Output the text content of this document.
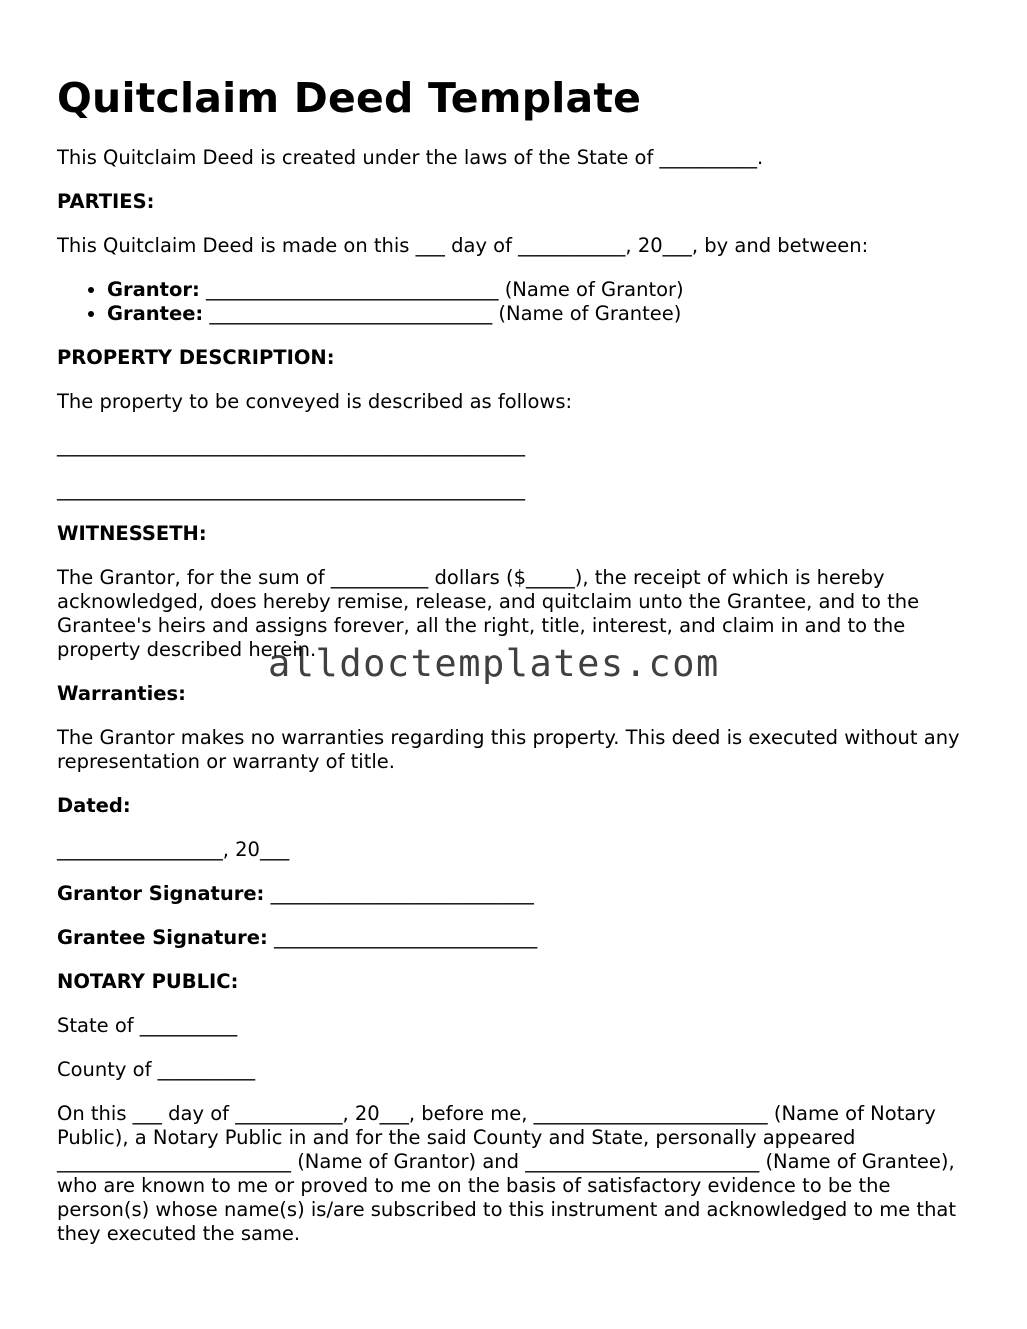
Quitclaim Deed Template

This Quitclaim Deed is created under the laws of the State of __________.

PARTIES:

This Quitclaim Deed is made on this ___ day of ___________, 20___, by and between:

• Grantor: ______________________________ (Name of Grantor)
• Grantee: _____________________________ (Name of Grantee)

PROPERTY DESCRIPTION:

The property to be conveyed is described as follows:

________________________________________________

________________________________________________

WITNESSETH:

The Grantor, for the sum of __________ dollars ($_____), the receipt of which is hereby acknowledged, does hereby remise, release, and quitclaim unto the Grantee, and to the Grantee's heirs and assigns forever, all the right, title, interest, and claim in and to the property described herein.

Warranties:

The Grantor makes no warranties regarding this property. This deed is executed without any representation or warranty of title.

Dated:

_________________, 20___

Grantor Signature: ___________________________

Grantee Signature: ___________________________

NOTARY PUBLIC:

State of __________

County of __________

On this ___ day of ___________, 20___, before me, ________________________ (Name of Notary Public), a Notary Public in and for the said County and State, personally appeared ________________________ (Name of Grantor) and ________________________ (Name of Grantee), who are known to me or proved to me on the basis of satisfactory evidence to be the person(s) whose name(s) is/are subscribed to this instrument and acknowledged to me that they executed the same.

alldoctemplates.com
